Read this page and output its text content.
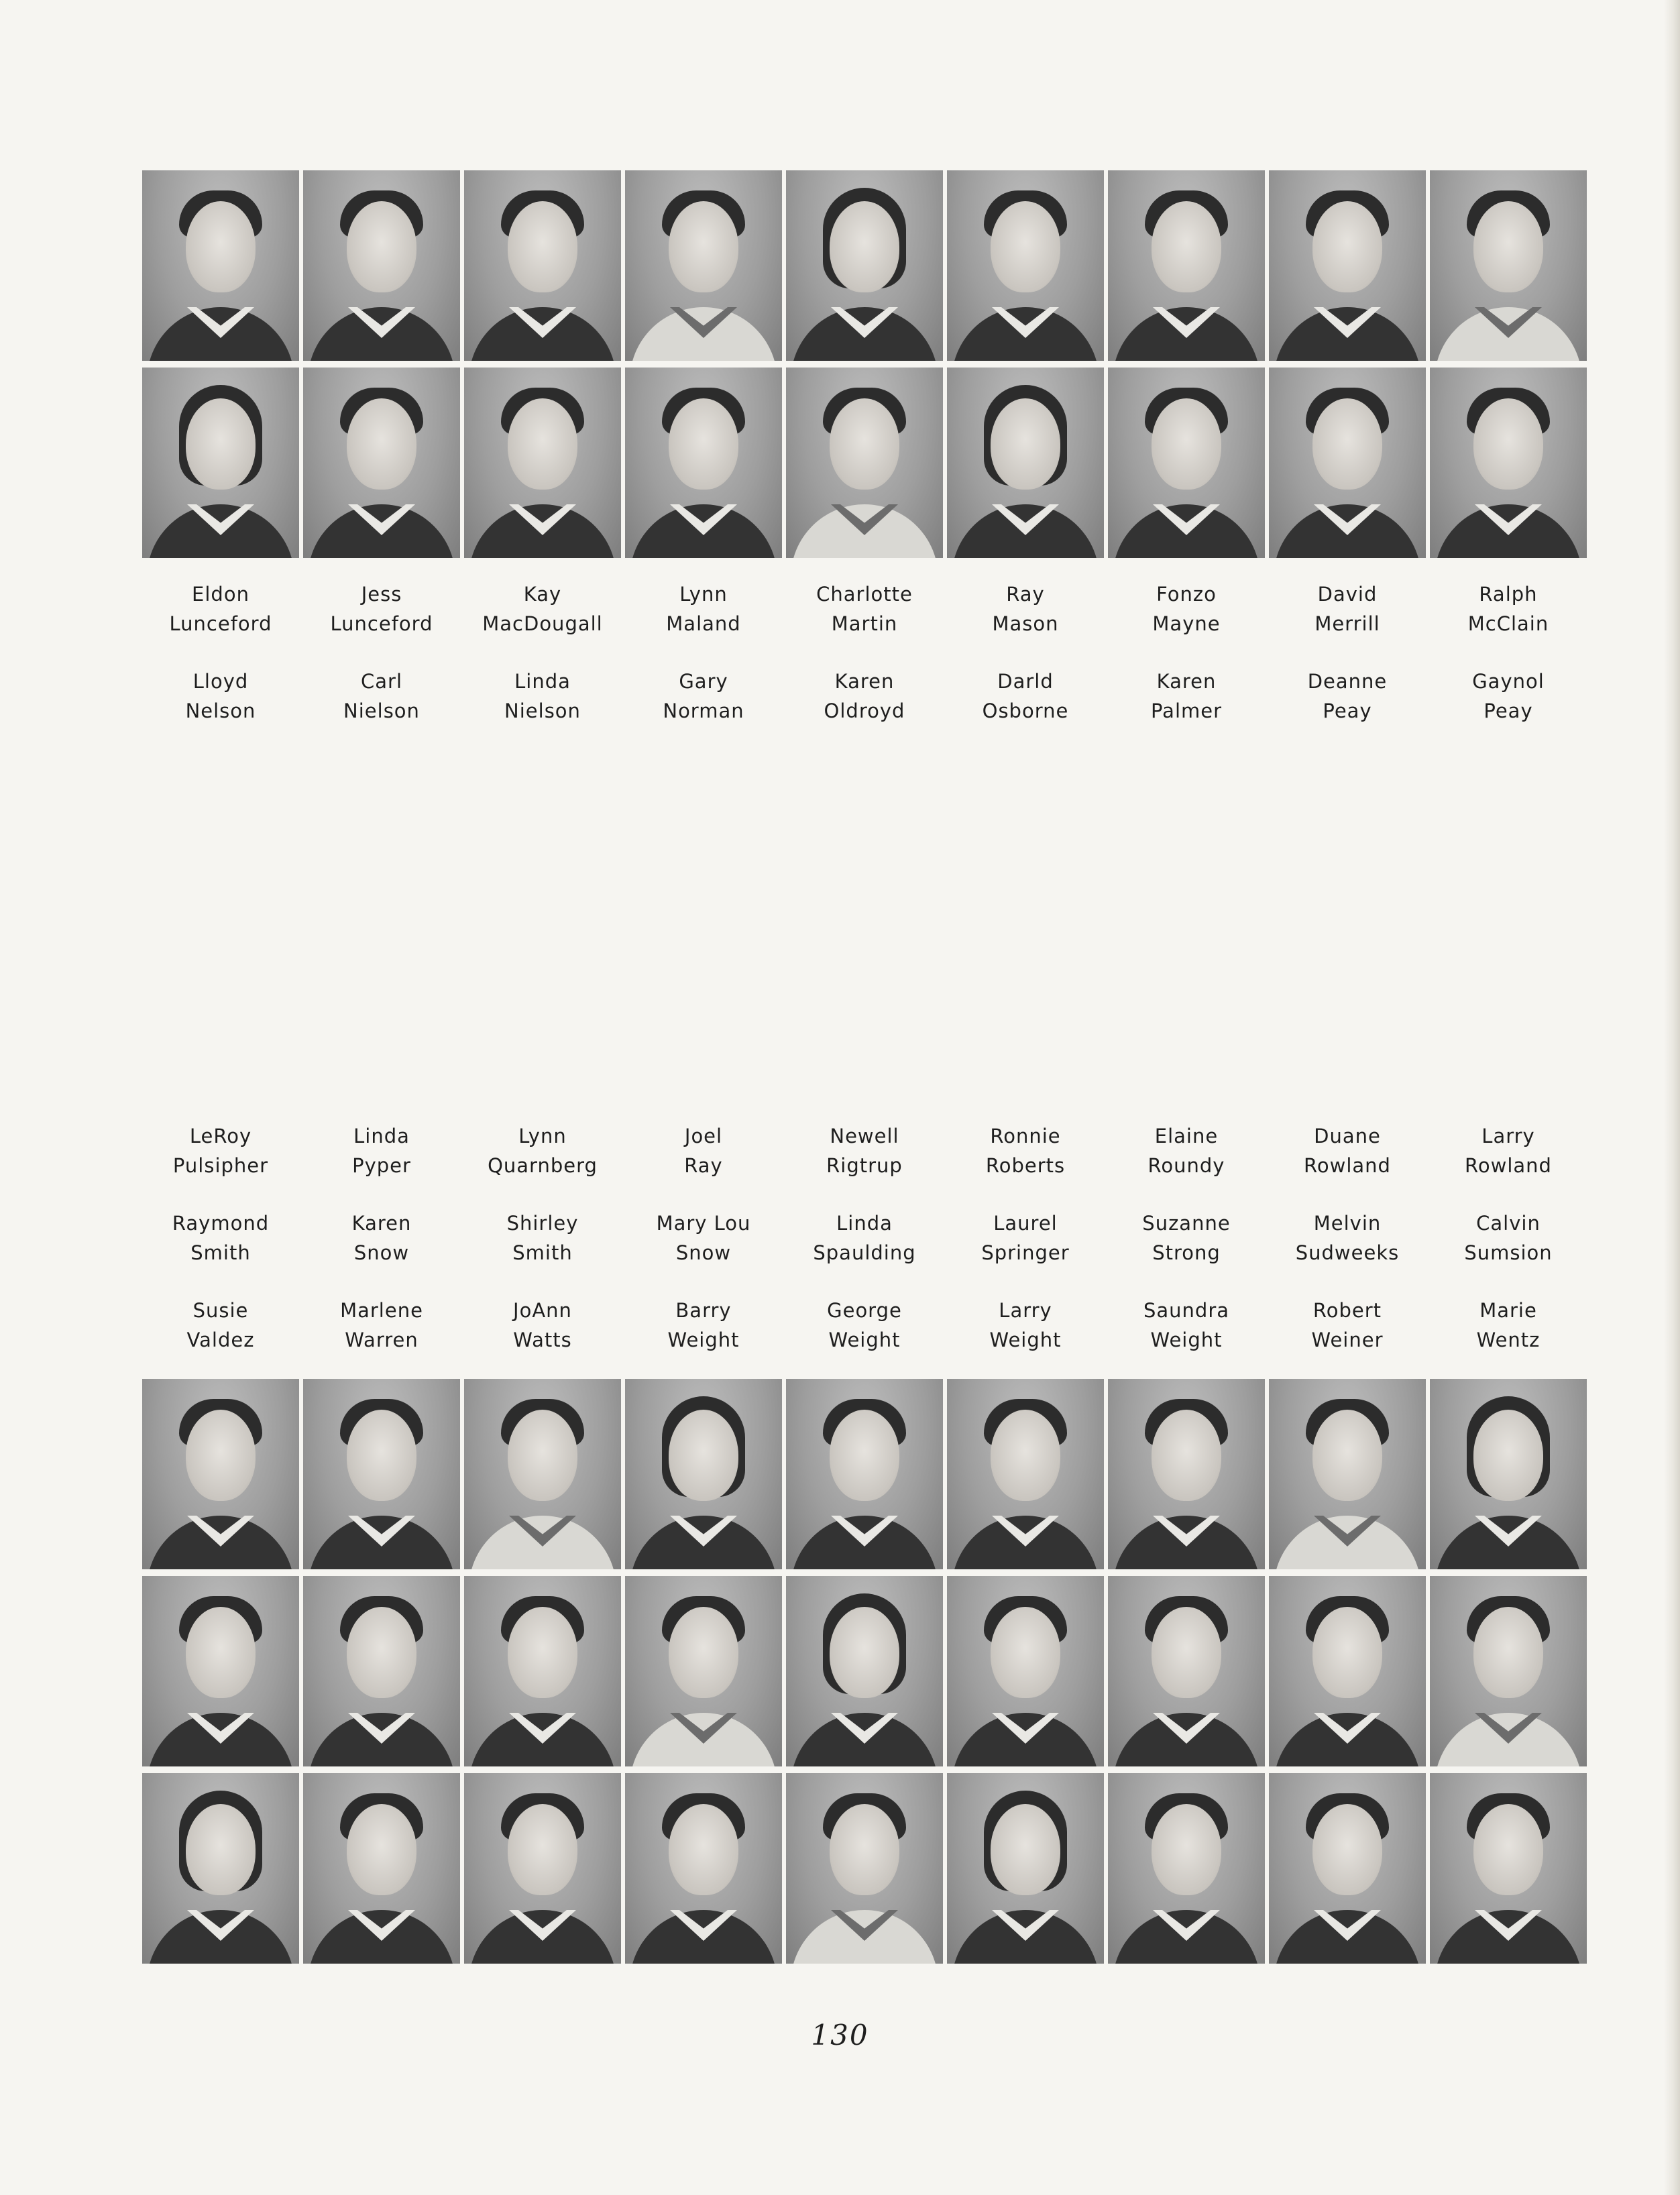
Eldon
Lunceford
Jess
Lunceford
Kay
MacDougall
Lynn
Maland
Charlotte
Martin
Ray
Mason
Fonzo
Mayne
David
Merrill
Ralph
McClain
Lloyd
Nelson
Carl
Nielson
Linda
Nielson
Gary
Norman
Karen
Oldroyd
Darld
Osborne
Karen
Palmer
Deanne
Peay
Gaynol
Peay
LeRoy
Pulsipher
Linda
Pyper
Lynn
Quarnberg
Joel
Ray
Newell
Rigtrup
Ronnie
Roberts
Elaine
Roundy
Duane
Rowland
Larry
Rowland
Raymond
Smith
Karen
Snow
Shirley
Smith
Mary Lou
Snow
Linda
Spaulding
Laurel
Springer
Suzanne
Strong
Melvin
Sudweeks
Calvin
Sumsion
Susie
Valdez
Marlene
Warren
JoAnn
Watts
Barry
Weight
George
Weight
Larry
Weight
Saundra
Weight
Robert
Weiner
Marie
Wentz
130
